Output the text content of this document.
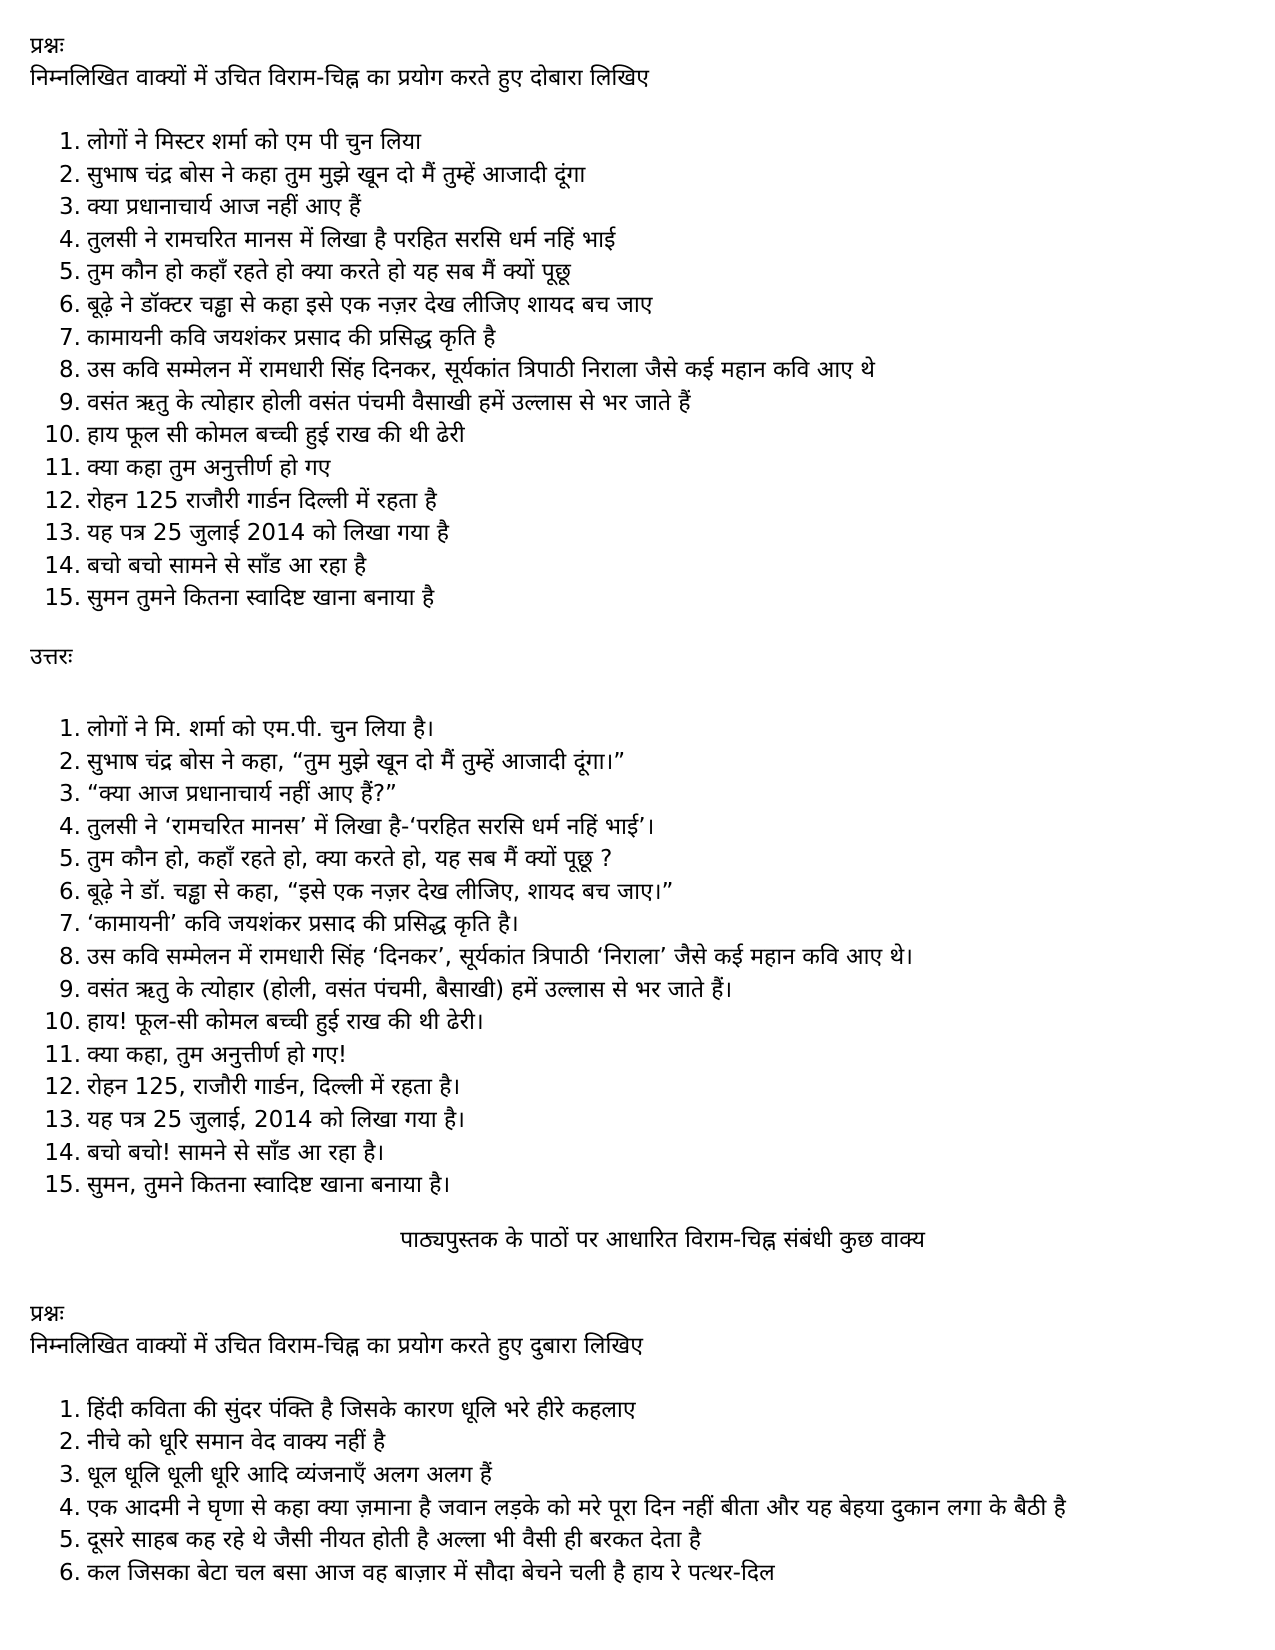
प्रश्नः

निम्नलिखित वाक्यों में उचित विराम-चिह्न का प्रयोग करते हुए दोबारा लिखिए

1. लोगों ने मिस्टर शर्मा को एम पी चुन लिया
2. सुभाष चंद्र बोस ने कहा तुम मुझे खून दो मैं तुम्हें आजादी दूंगा
3. क्या प्रधानाचार्य आज नहीं आए हैं
4. तुलसी ने रामचरित मानस में लिखा है परहित सरसि धर्म नहिं भाई
5. तुम कौन हो कहाँ रहते हो क्या करते हो यह सब मैं क्यों पूछू
6. बूढ़े ने डॉक्टर चड्ढा से कहा इसे एक नज़र देख लीजिए शायद बच जाए
7. कामायनी कवि जयशंकर प्रसाद की प्रसिद्ध कृति है
8. उस कवि सम्मेलन में रामधारी सिंह दिनकर, सूर्यकांत त्रिपाठी निराला जैसे कई महान कवि आए थे
9. वसंत ऋतु के त्योहार होली वसंत पंचमी वैसाखी हमें उल्लास से भर जाते हैं
10. हाय फूल सी कोमल बच्ची हुई राख की थी ढेरी
11. क्या कहा तुम अनुत्तीर्ण हो गए
12. रोहन 125 राजौरी गार्डन दिल्ली में रहता है
13. यह पत्र 25 जुलाई 2014 को लिखा गया है
14. बचो बचो सामने से साँड आ रहा है
15. सुमन तुमने कितना स्वादिष्ट खाना बनाया है

उत्तरः

1. लोगों ने मि. शर्मा को एम.पी. चुन लिया है।
2. सुभाष चंद्र बोस ने कहा, “तुम मुझे खून दो मैं तुम्हें आजादी दूंगा।”
3. “क्या आज प्रधानाचार्य नहीं आए हैं?”
4. तुलसी ने ‘रामचरित मानस’ में लिखा है-‘परहित सरसि धर्म नहिं भाई’।
5. तुम कौन हो, कहाँ रहते हो, क्या करते हो, यह सब मैं क्यों पूछू ?
6. बूढ़े ने डॉ. चड्ढा से कहा, “इसे एक नज़र देख लीजिए, शायद बच जाए।”
7. ‘कामायनी’ कवि जयशंकर प्रसाद की प्रसिद्ध कृति है।
8. उस कवि सम्मेलन में रामधारी सिंह ‘दिनकर’, सूर्यकांत त्रिपाठी ‘निराला’ जैसे कई महान कवि आए थे।
9. वसंत ऋतु के त्योहार (होली, वसंत पंचमी, बैसाखी) हमें उल्लास से भर जाते हैं।
10. हाय! फूल-सी कोमल बच्ची हुई राख की थी ढेरी।
11. क्या कहा, तुम अनुत्तीर्ण हो गए!
12. रोहन 125, राजौरी गार्डन, दिल्ली में रहता है।
13. यह पत्र 25 जुलाई, 2014 को लिखा गया है।
14. बचो बचो! सामने से साँड आ रहा है।
15. सुमन, तुमने कितना स्वादिष्ट खाना बनाया है।

पाठ्यपुस्तक के पाठों पर आधारित विराम-चिह्न संबंधी कुछ वाक्य

प्रश्नः

निम्नलिखित वाक्यों में उचित विराम-चिह्न का प्रयोग करते हुए दुबारा लिखिए

1. हिंदी कविता की सुंदर पंक्ति है जिसके कारण धूलि भरे हीरे कहलाए
2. नीचे को धूरि समान वेद वाक्य नहीं है
3. धूल धूलि धूली धूरि आदि व्यंजनाएँ अलग अलग हैं
4. एक आदमी ने घृणा से कहा क्या ज़माना है जवान लड़के को मरे पूरा दिन नहीं बीता और यह बेहया दुकान लगा के बैठी है
5. दूसरे साहब कह रहे थे जैसी नीयत होती है अल्ला भी वैसी ही बरकत देता है
6. कल जिसका बेटा चल बसा आज वह बाज़ार में सौदा बेचने चली है हाय रे पत्थर-दिल
